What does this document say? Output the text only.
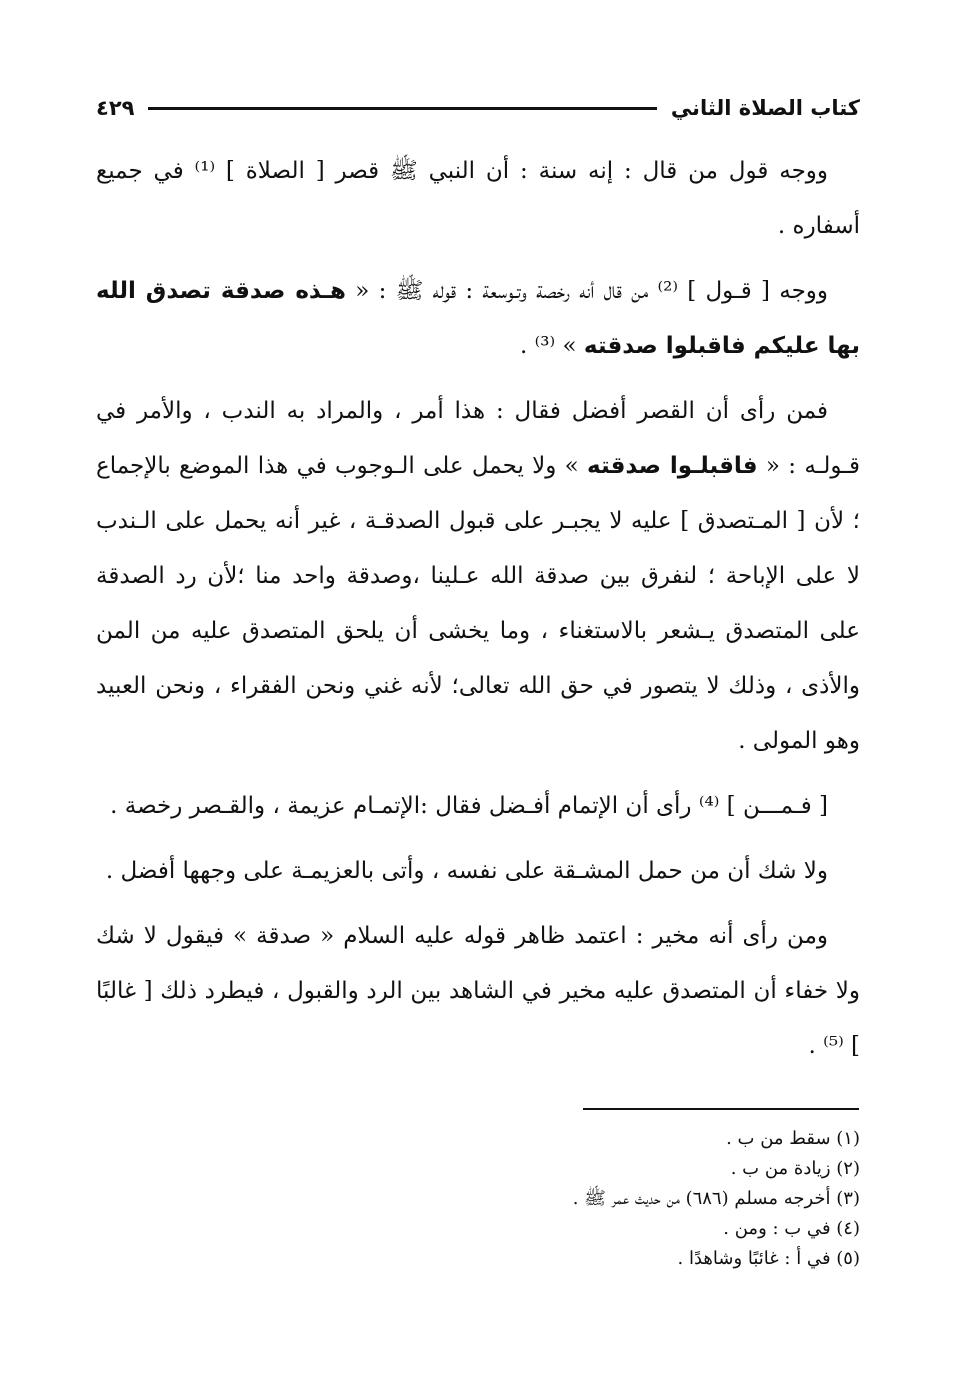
كتاب الصلاة الثاني
٤٢٩

ووجه قول من قال : إنه سنة : أن النبي ﷺ قصر [ الصلاة ] ⁽¹⁾ في جميع أسفاره .

ووجه [ قـول ] ⁽²⁾ من قال أنه رخصة وتـوسعة : قوله ﷺ : « هـذه صدقة تصدق الله بها عليكم فاقبلوا صدقته » ⁽³⁾ .

فمن رأى أن القصر أفضل فقال : هذا أمر ، والمراد به الندب ، والأمر في قـولـه : « فاقبلـوا صدقته » ولا يحمل على الـوجوب في هذا الموضع بالإجماع ؛ لأن [ المـتصدق ] عليه لا يجبـر على قبول الصدقـة ، غير أنه يحمل على الـندب لا على الإباحة ؛ لنفرق بين صدقة الله عـلينا ،وصدقة واحد منا ؛لأن رد الصدقة على المتصدق يـشعر بالاستغناء ، وما يخشى أن يلحق المتصدق عليه من المن والأذى ، وذلك لا يتصور في حق الله تعالى؛ لأنه غني ونحن الفقراء ، ونحن العبيد وهو المولى .

[ فـمـــن ] ⁽⁴⁾ رأى أن الإتمام أفـضل فقال :الإتمـام عزيمة ، والقـصر رخصة .

ولا شك أن من حمل المشـقة على نفسه ، وأتى بالعزيمـة على وجهها أفضل .

ومن رأى أنه مخير : اعتمد ظاهر قوله عليه السلام « صدقة » فيقول لا شك ولا خفاء أن المتصدق عليه مخير في الشاهد بين الرد والقبول ، فيطرد ذلك [ غالبًا ] ⁽⁵⁾ .

(١) سقط من ب .

(٢) زيادة من ب .

(٣) أخرجه مسلم (٦٨٦) من حديث عمر ﷺ .

(٤) في ب : ومن .

(٥) في أ : غائبًا وشاهدًا .
